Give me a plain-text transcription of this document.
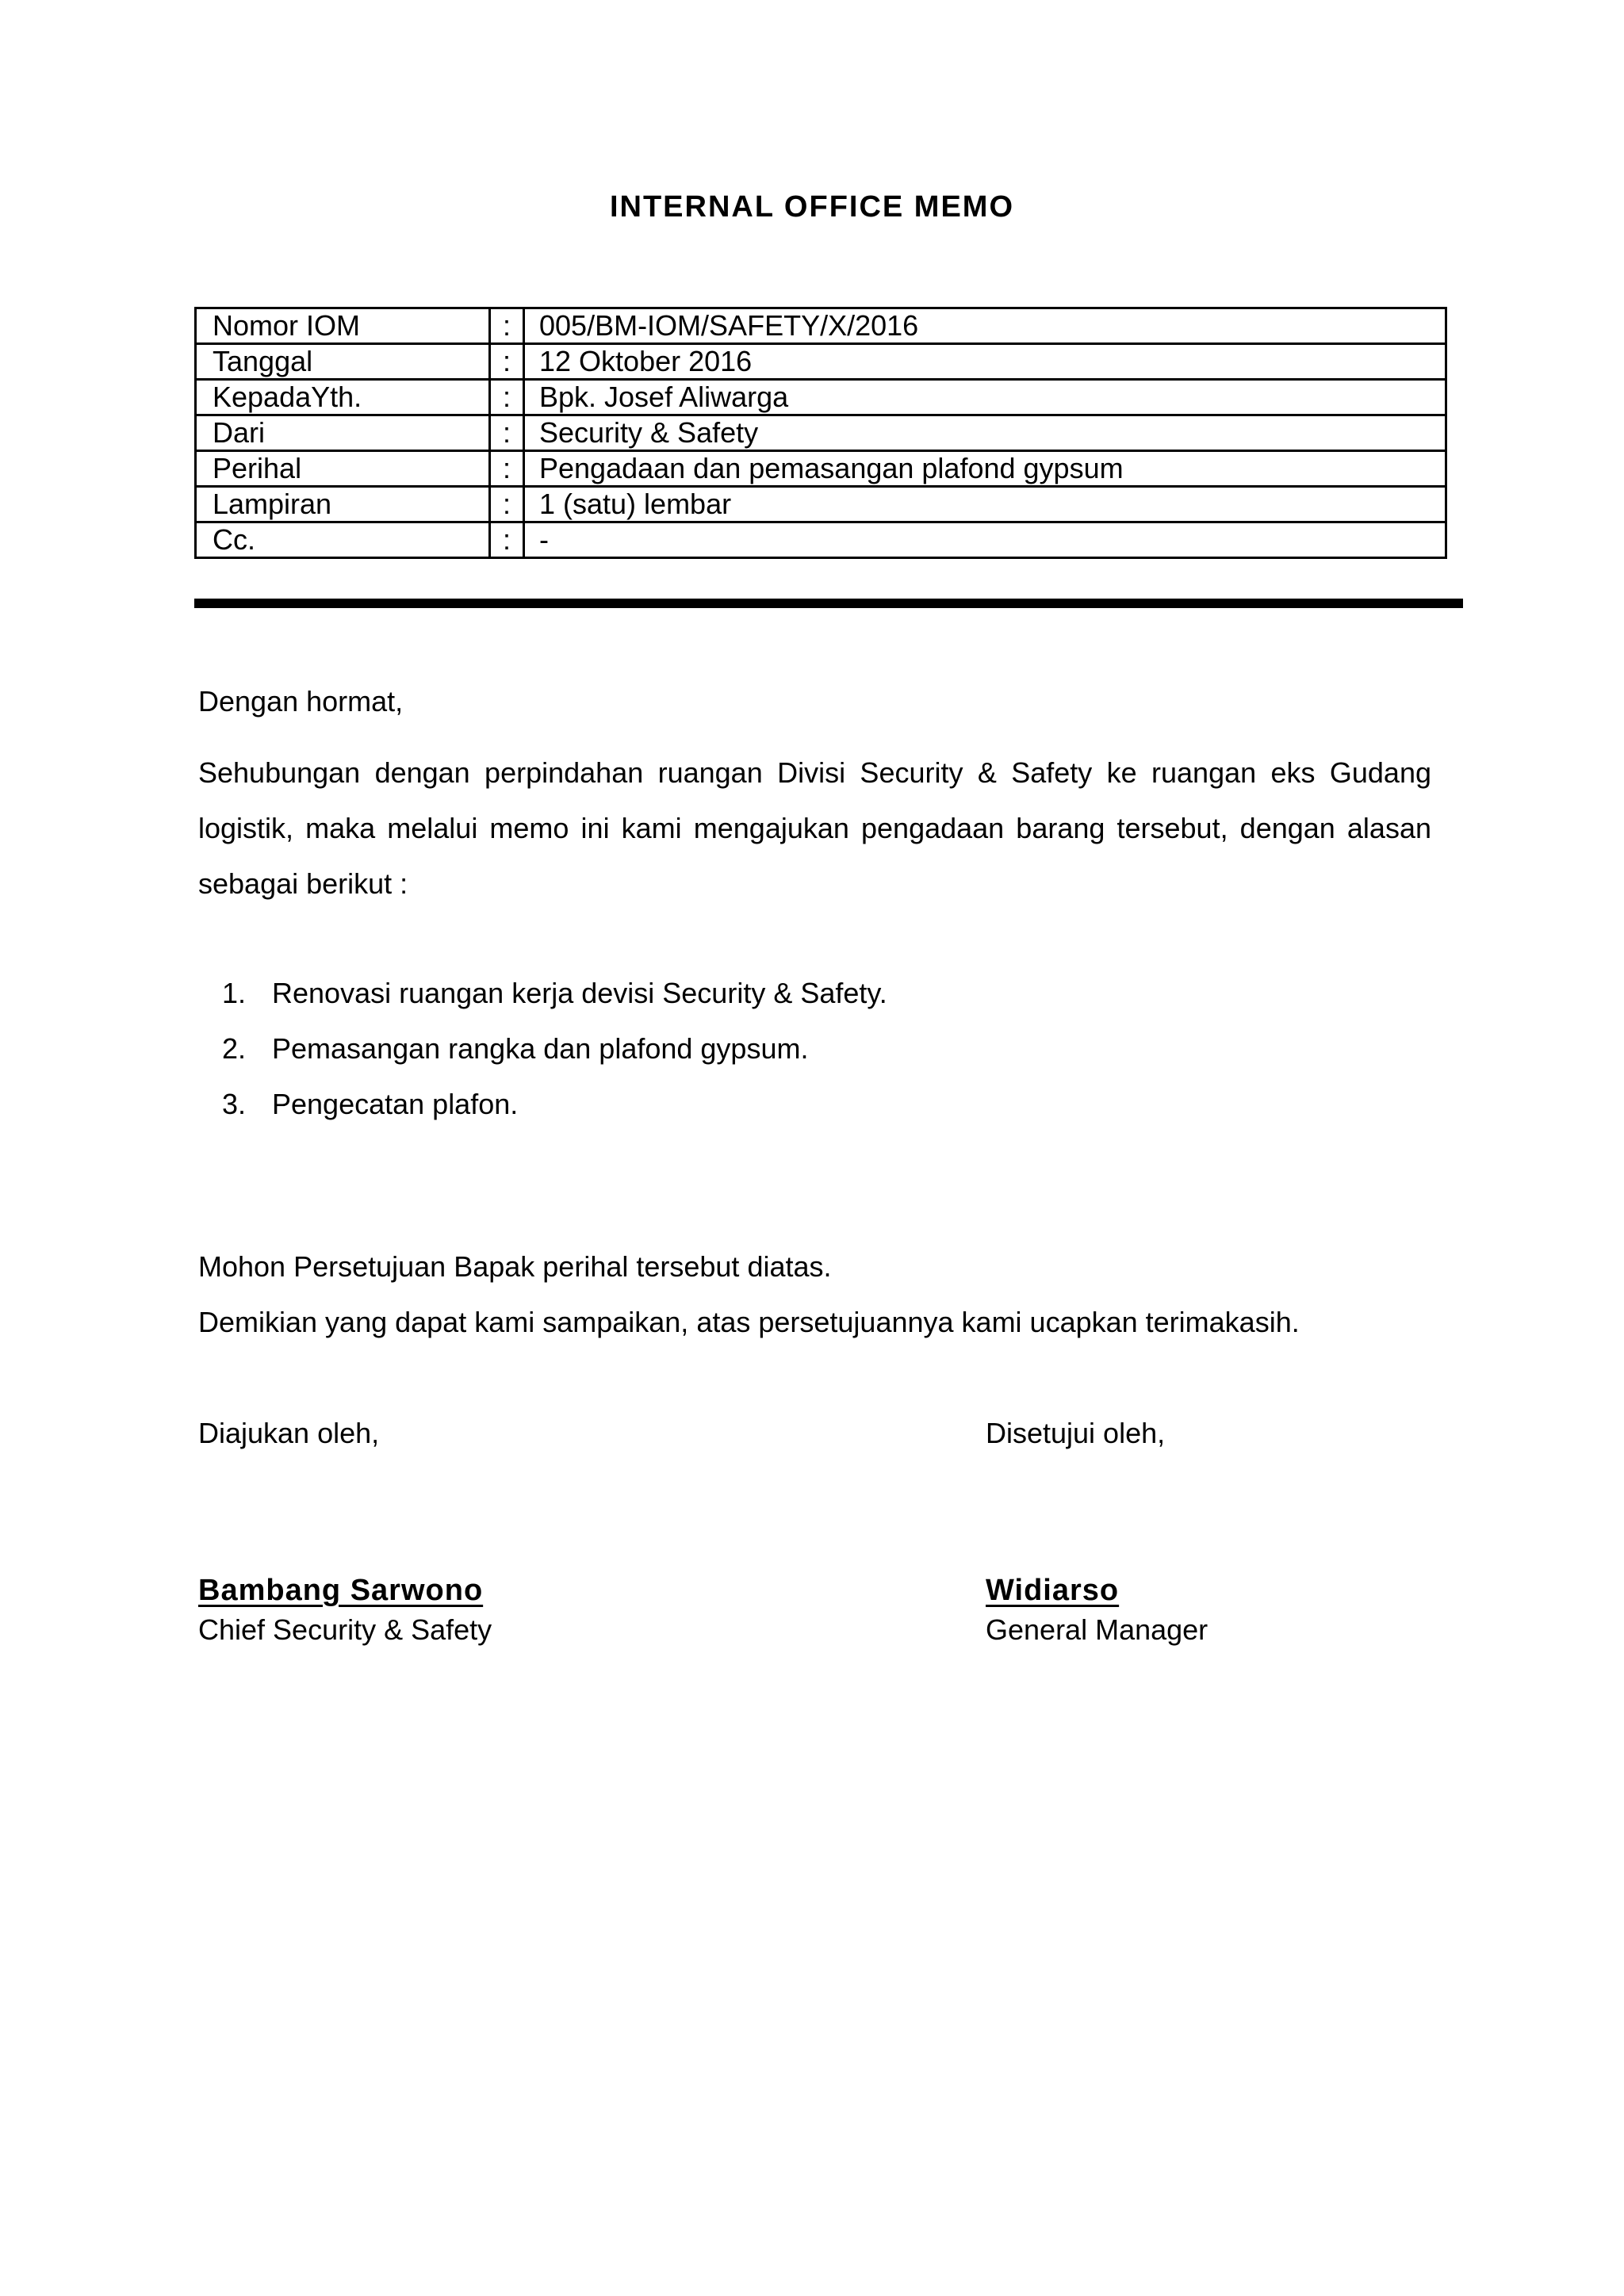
INTERNAL OFFICE MEMO
Nomor IOM	:	005/BM-IOM/SAFETY/X/2016
Tanggal	:	12 Oktober 2016
KepadaYth.	:	Bpk. Josef Aliwarga
Dari	:	Security & Safety
Perihal	:	Pengadaan dan pemasangan plafond gypsum
Lampiran	:	1 (satu) lembar
Cc.	:	-
Dengan hormat,
Sehubungan dengan perpindahan ruangan Divisi Security & Safety ke ruangan eks Gudang logistik, maka melalui memo ini kami mengajukan pengadaan barang tersebut, dengan alasan sebagai berikut :
1. Renovasi ruangan kerja devisi Security & Safety.
2. Pemasangan rangka dan plafond gypsum.
3. Pengecatan plafon.
Mohon Persetujuan Bapak perihal tersebut diatas.
Demikian yang dapat kami sampaikan, atas persetujuannya kami ucapkan terimakasih.
Diajukan oleh,	Disetujui oleh,
Bambang Sarwono
Chief Security & Safety
Widiarso
General Manager
